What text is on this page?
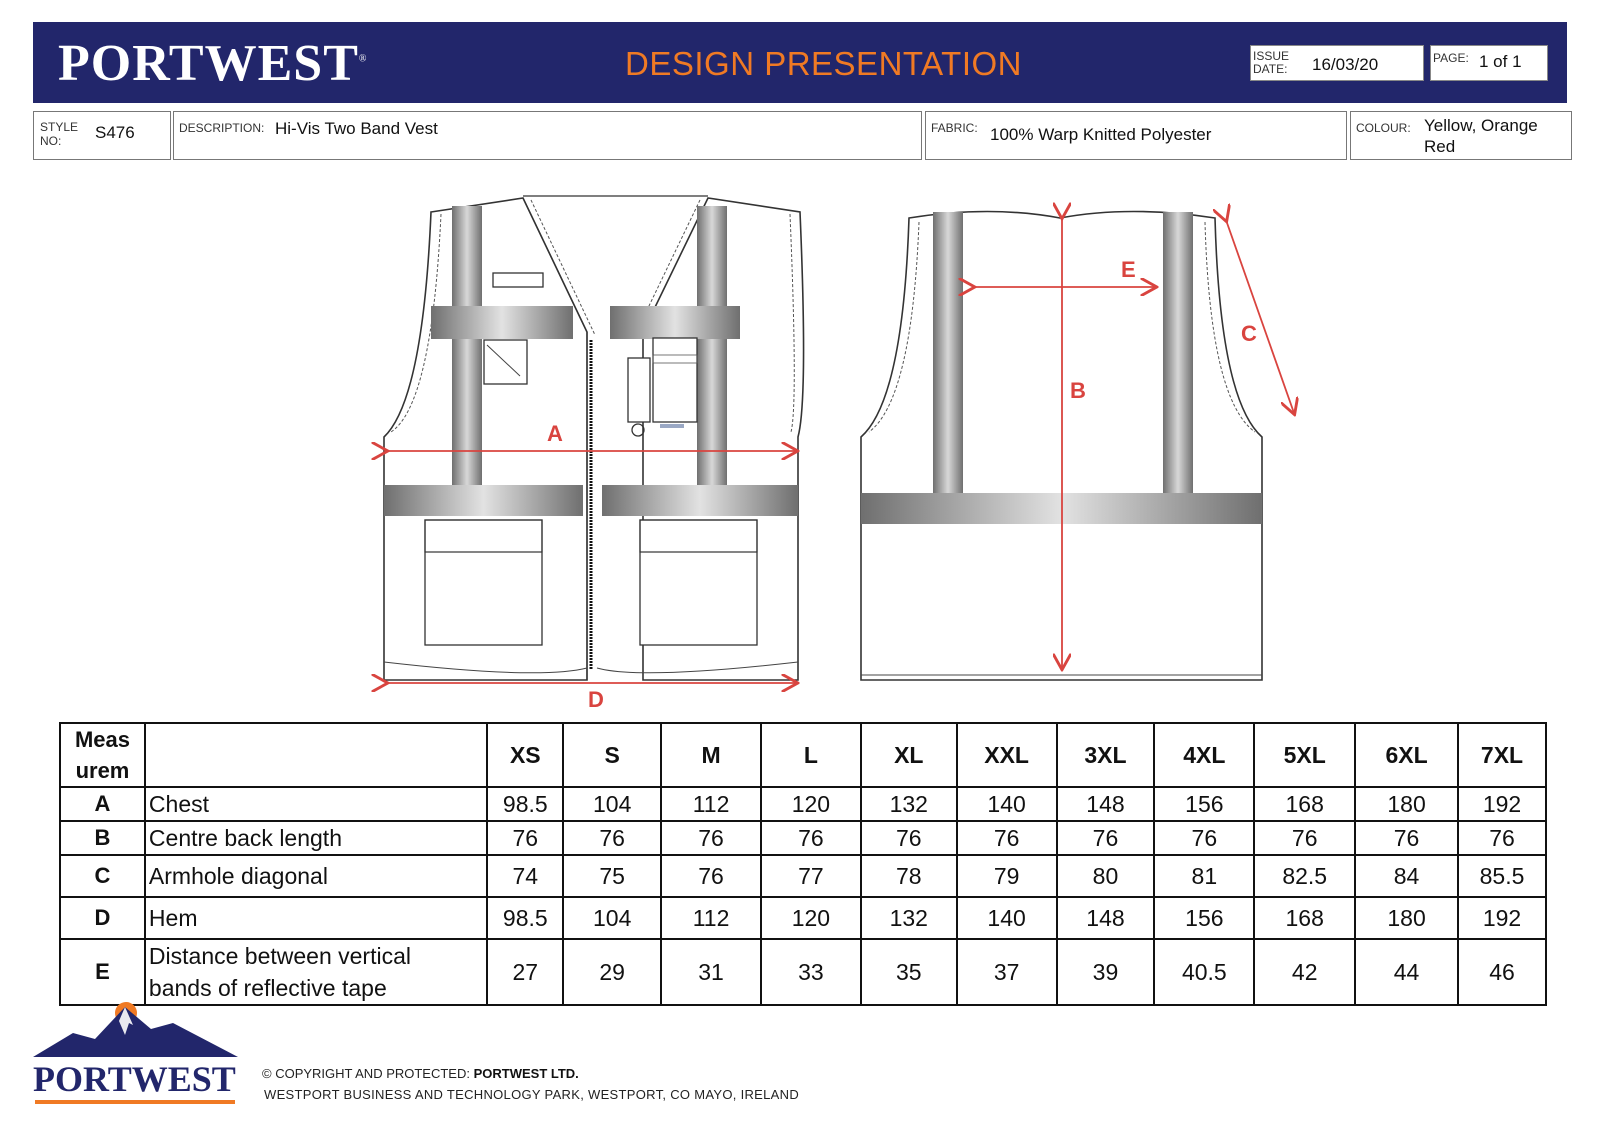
PORTWEST®	DESIGN PRESENTATION	ISSUE
DATE: 16/03/20	PAGE: 1 of 1
STYLE
NO:	S476	DESCRIPTION: Hi-Vis Two Band Vest	FABRIC: 100% Warp Knitted Polyester	COLOUR: Yellow, Orange
Red
A
D
B
E
C
Meas
urem		XS	S	M	L	XL	XXL	3XL	4XL	5XL	6XL	7XL
A	Chest	98.5	104	112	120	132	140	148	156	168	180	192
B	Centre back length	76	76	76	76	76	76	76	76	76	76	76
C	Armhole diagonal	74	75	76	77	78	79	80	81	82.5	84	85.5
D	Hem	98.5	104	112	120	132	140	148	156	168	180	192
E	Distance between vertical
bands of reflective tape	27	29	31	33	35	37	39	40.5	42	44	46
PORTWEST © COPYRIGHT AND PROTECTED: PORTWEST LTD.
WESTPORT BUSINESS AND TECHNOLOGY PARK, WESTPORT, CO MAYO, IRELAND
